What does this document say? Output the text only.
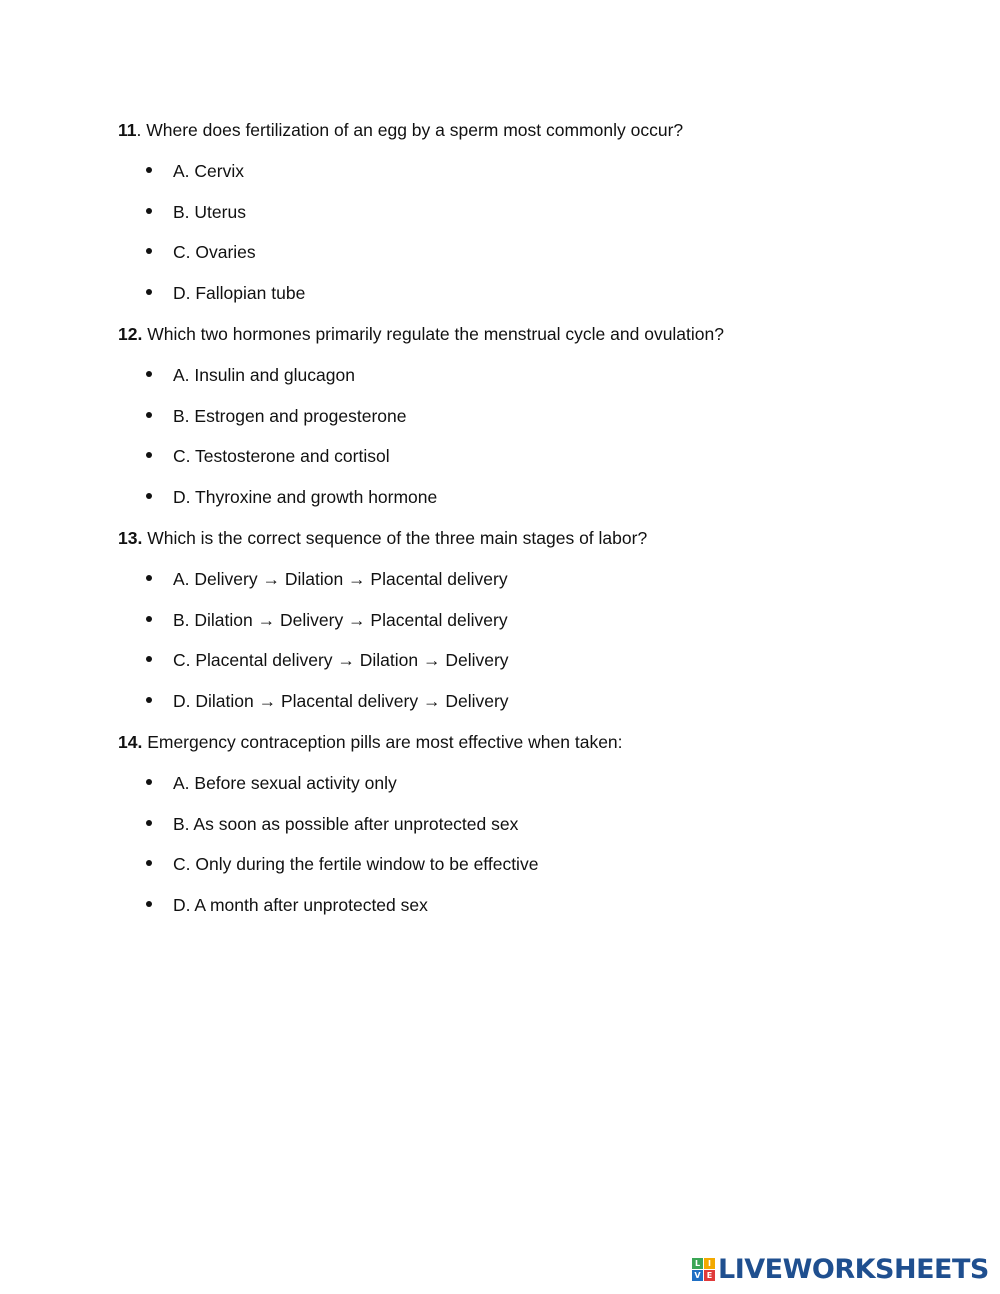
11. Where does fertilization of an egg by a sperm most commonly occur?
A. Cervix
B. Uterus
C. Ovaries
D. Fallopian tube
12. Which two hormones primarily regulate the menstrual cycle and ovulation?
A. Insulin and glucagon
B. Estrogen and progesterone
C. Testosterone and cortisol
D. Thyroxine and growth hormone
13. Which is the correct sequence of the three main stages of labor?
A. Delivery → Dilation → Placental delivery
B. Dilation → Delivery → Placental delivery
C. Placental delivery → Dilation → Delivery
D. Dilation → Placental delivery → Delivery
14. Emergency contraception pills are most effective when taken:
A. Before sexual activity only
B. As soon as possible after unprotected sex
C. Only during the fertile window to be effective
D. A month after unprotected sex
L I
V E LIVEWORKSHEETS
